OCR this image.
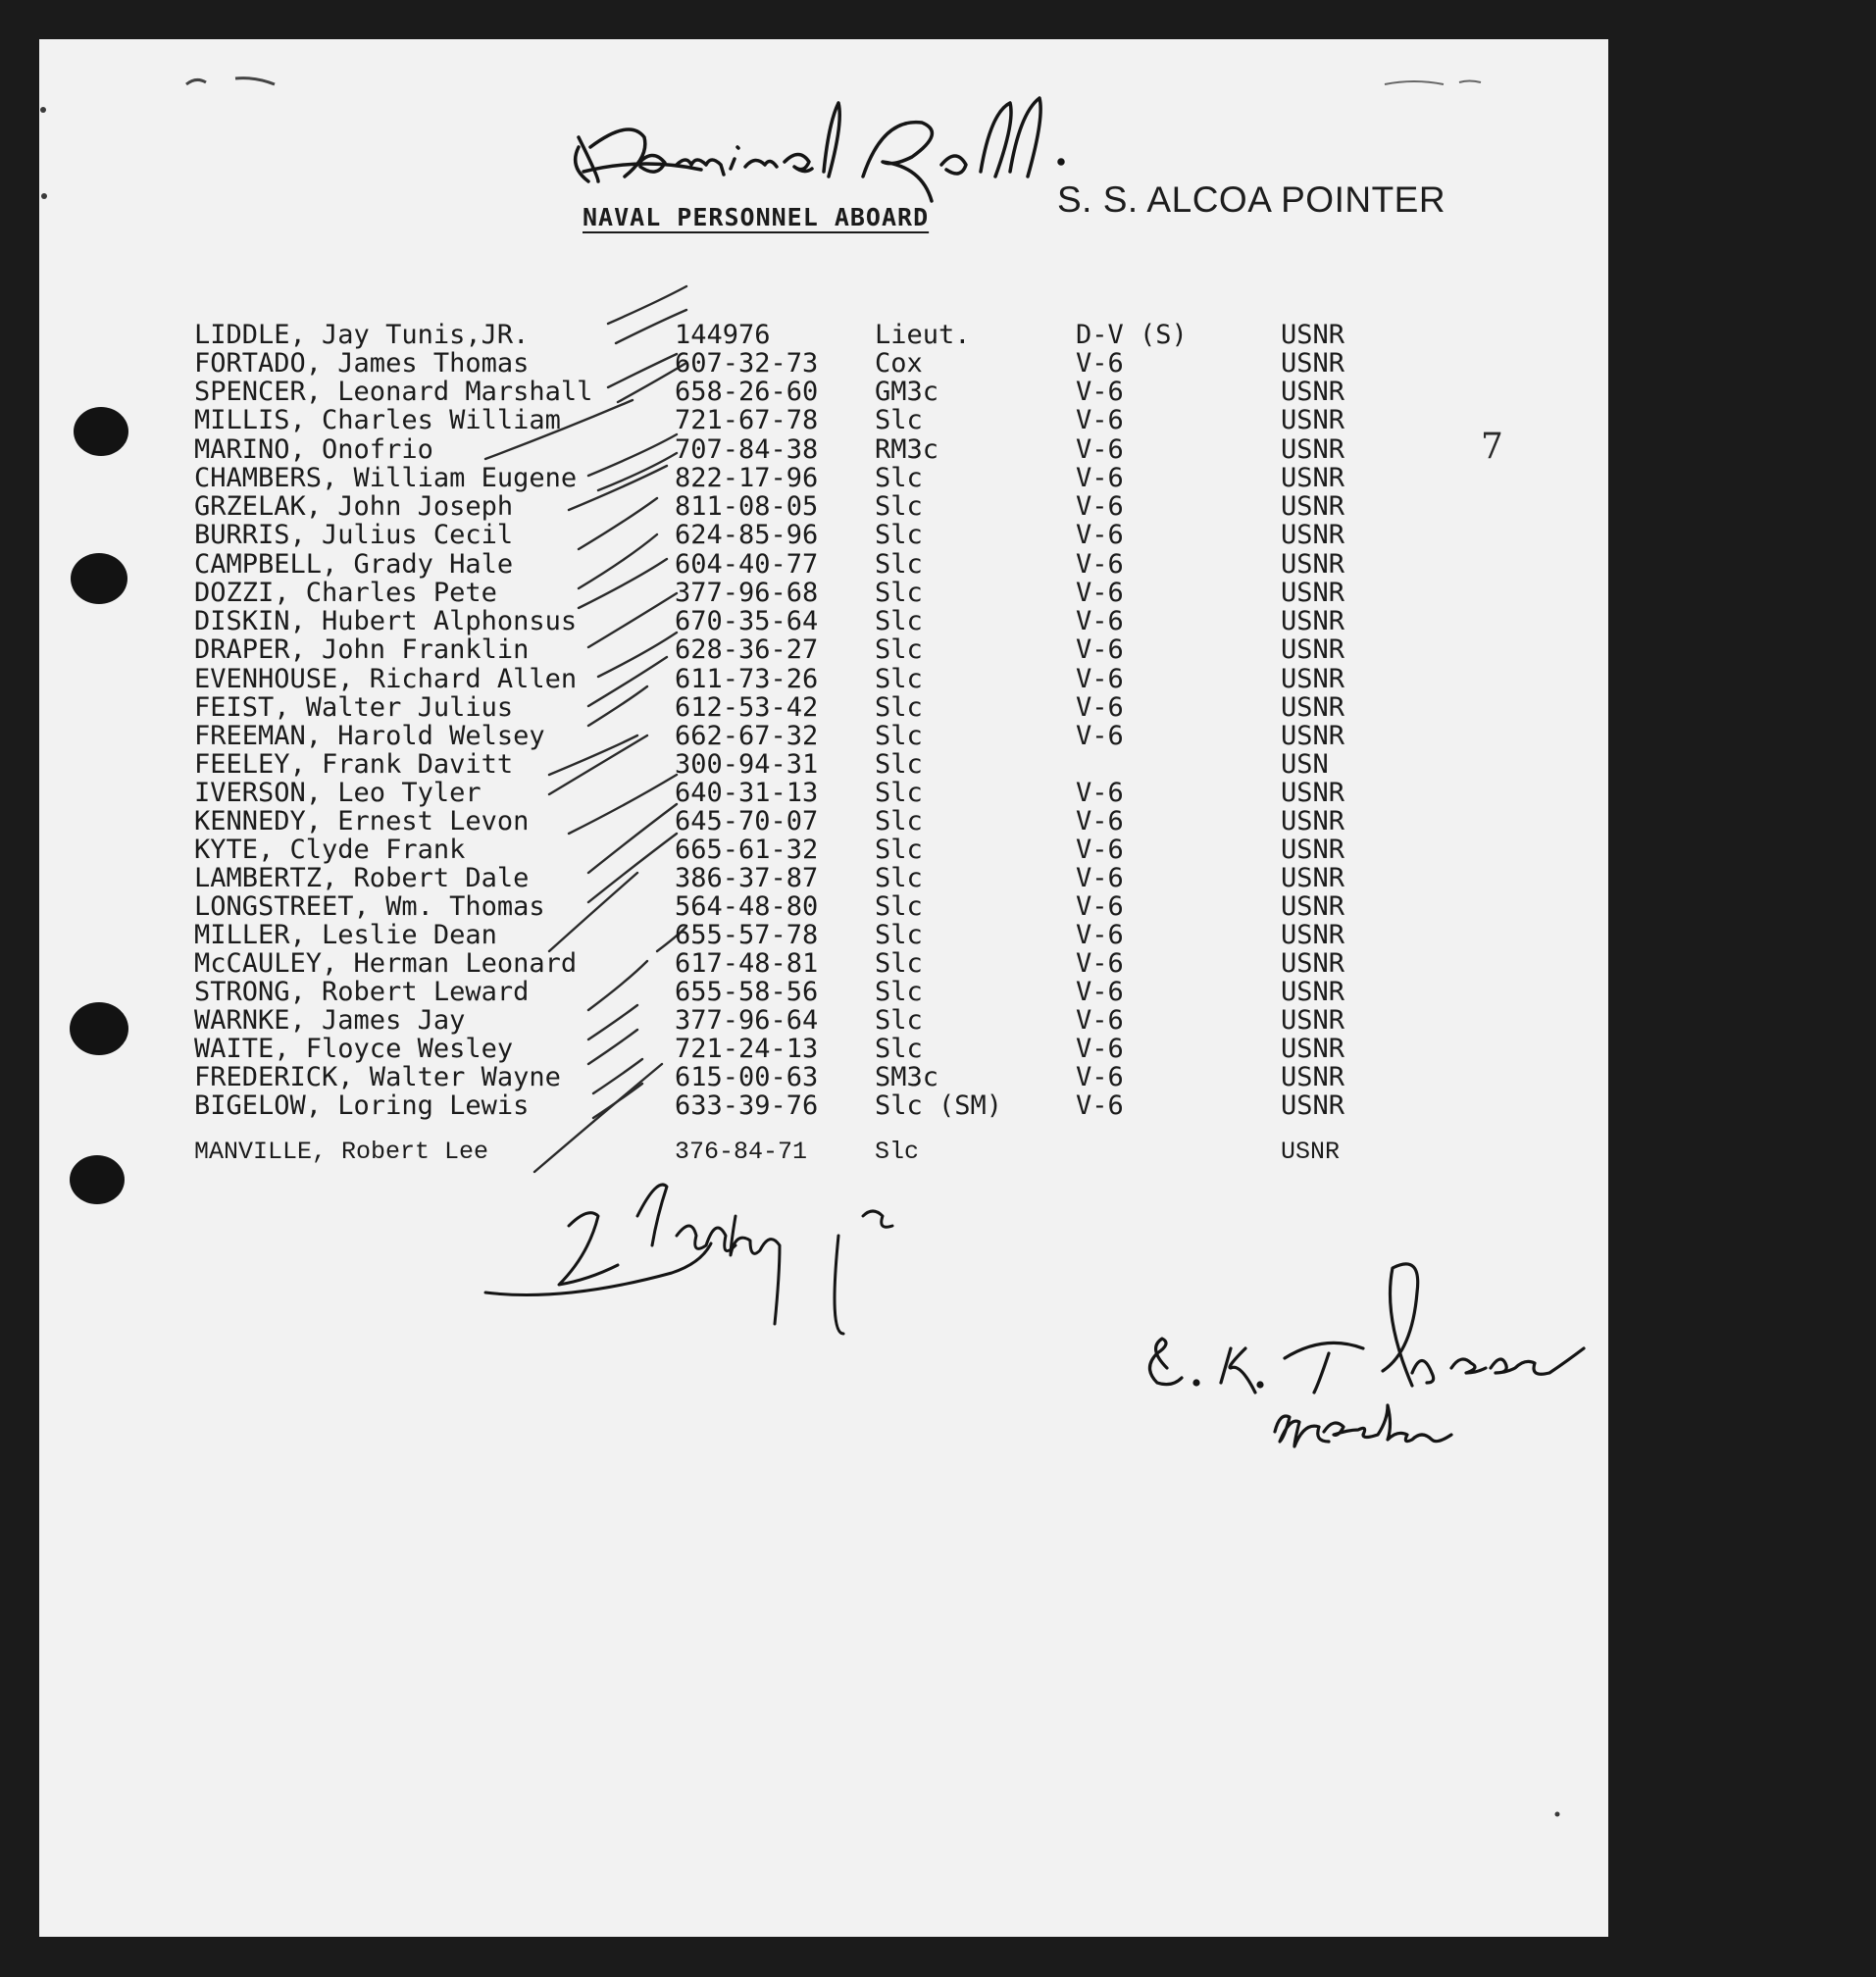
NAVAL PERSONNEL ABOARD	S. S. ALCOA POINTER
7
LIDDLE, Jay Tunis,JR.	144976	Lieut.	D-V (S)	USNR
FORTADO, James Thomas	607-32-73 Cox	V-6	USNR
SPENCER, Leonard Marshall	658-26-60 GM3c	V-6	USNR
MILLIS, Charles William	721-67-78 Slc	V-6	USNR
MARINO, Onofrio	707-84-38 RM3c	V-6	USNR
CHAMBERS, William Eugene	822-17-96 Slc	V-6	USNR
GRZELAK, John Joseph	811-08-05 Slc	V-6	USNR
BURRIS, Julius Cecil	624-85-96 Slc	V-6	USNR
CAMPBELL, Grady Hale	604-40-77 Slc	V-6	USNR
DOZZI, Charles Pete	377-96-68 Slc	V-6	USNR
DISKIN, Hubert Alphonsus	670-35-64 Slc	V-6	USNR
DRAPER, John Franklin	628-36-27 Slc	V-6	USNR
EVENHOUSE, Richard Allen	611-73-26 Slc	V-6	USNR
FEIST, Walter Julius	612-53-42 Slc	V-6	USNR
FREEMAN, Harold Welsey	662-67-32 Slc	V-6	USNR
FEELEY, Frank Davitt	300-94-31 Slc	USN
IVERSON, Leo Tyler	640-31-13 Slc	V-6	USNR
KENNEDY, Ernest Levon	645-70-07 Slc	V-6	USNR
KYTE, Clyde Frank	665-61-32 Slc	V-6	USNR
LAMBERTZ, Robert Dale	386-37-87 Slc	V-6	USNR
LONGSTREET, Wm. Thomas	564-48-80 Slc	V-6	USNR
MILLER, Leslie Dean	655-57-78 Slc	V-6	USNR
McCAULEY, Herman Leonard	617-48-81 Slc	V-6	USNR
STRONG, Robert Leward	655-58-56 Slc	V-6	USNR
WARNKE, James Jay	377-96-64 Slc	V-6	USNR
WAITE, Floyce Wesley	721-24-13 Slc	V-6	USNR
FREDERICK, Walter Wayne	615-00-63 SM3c	V-6	USNR
BIGELOW, Loring Lewis	633-39-76 Slc (SM)	V-6	USNR
MANVILLE, Robert Lee	376-84-71	Slc	USNR
